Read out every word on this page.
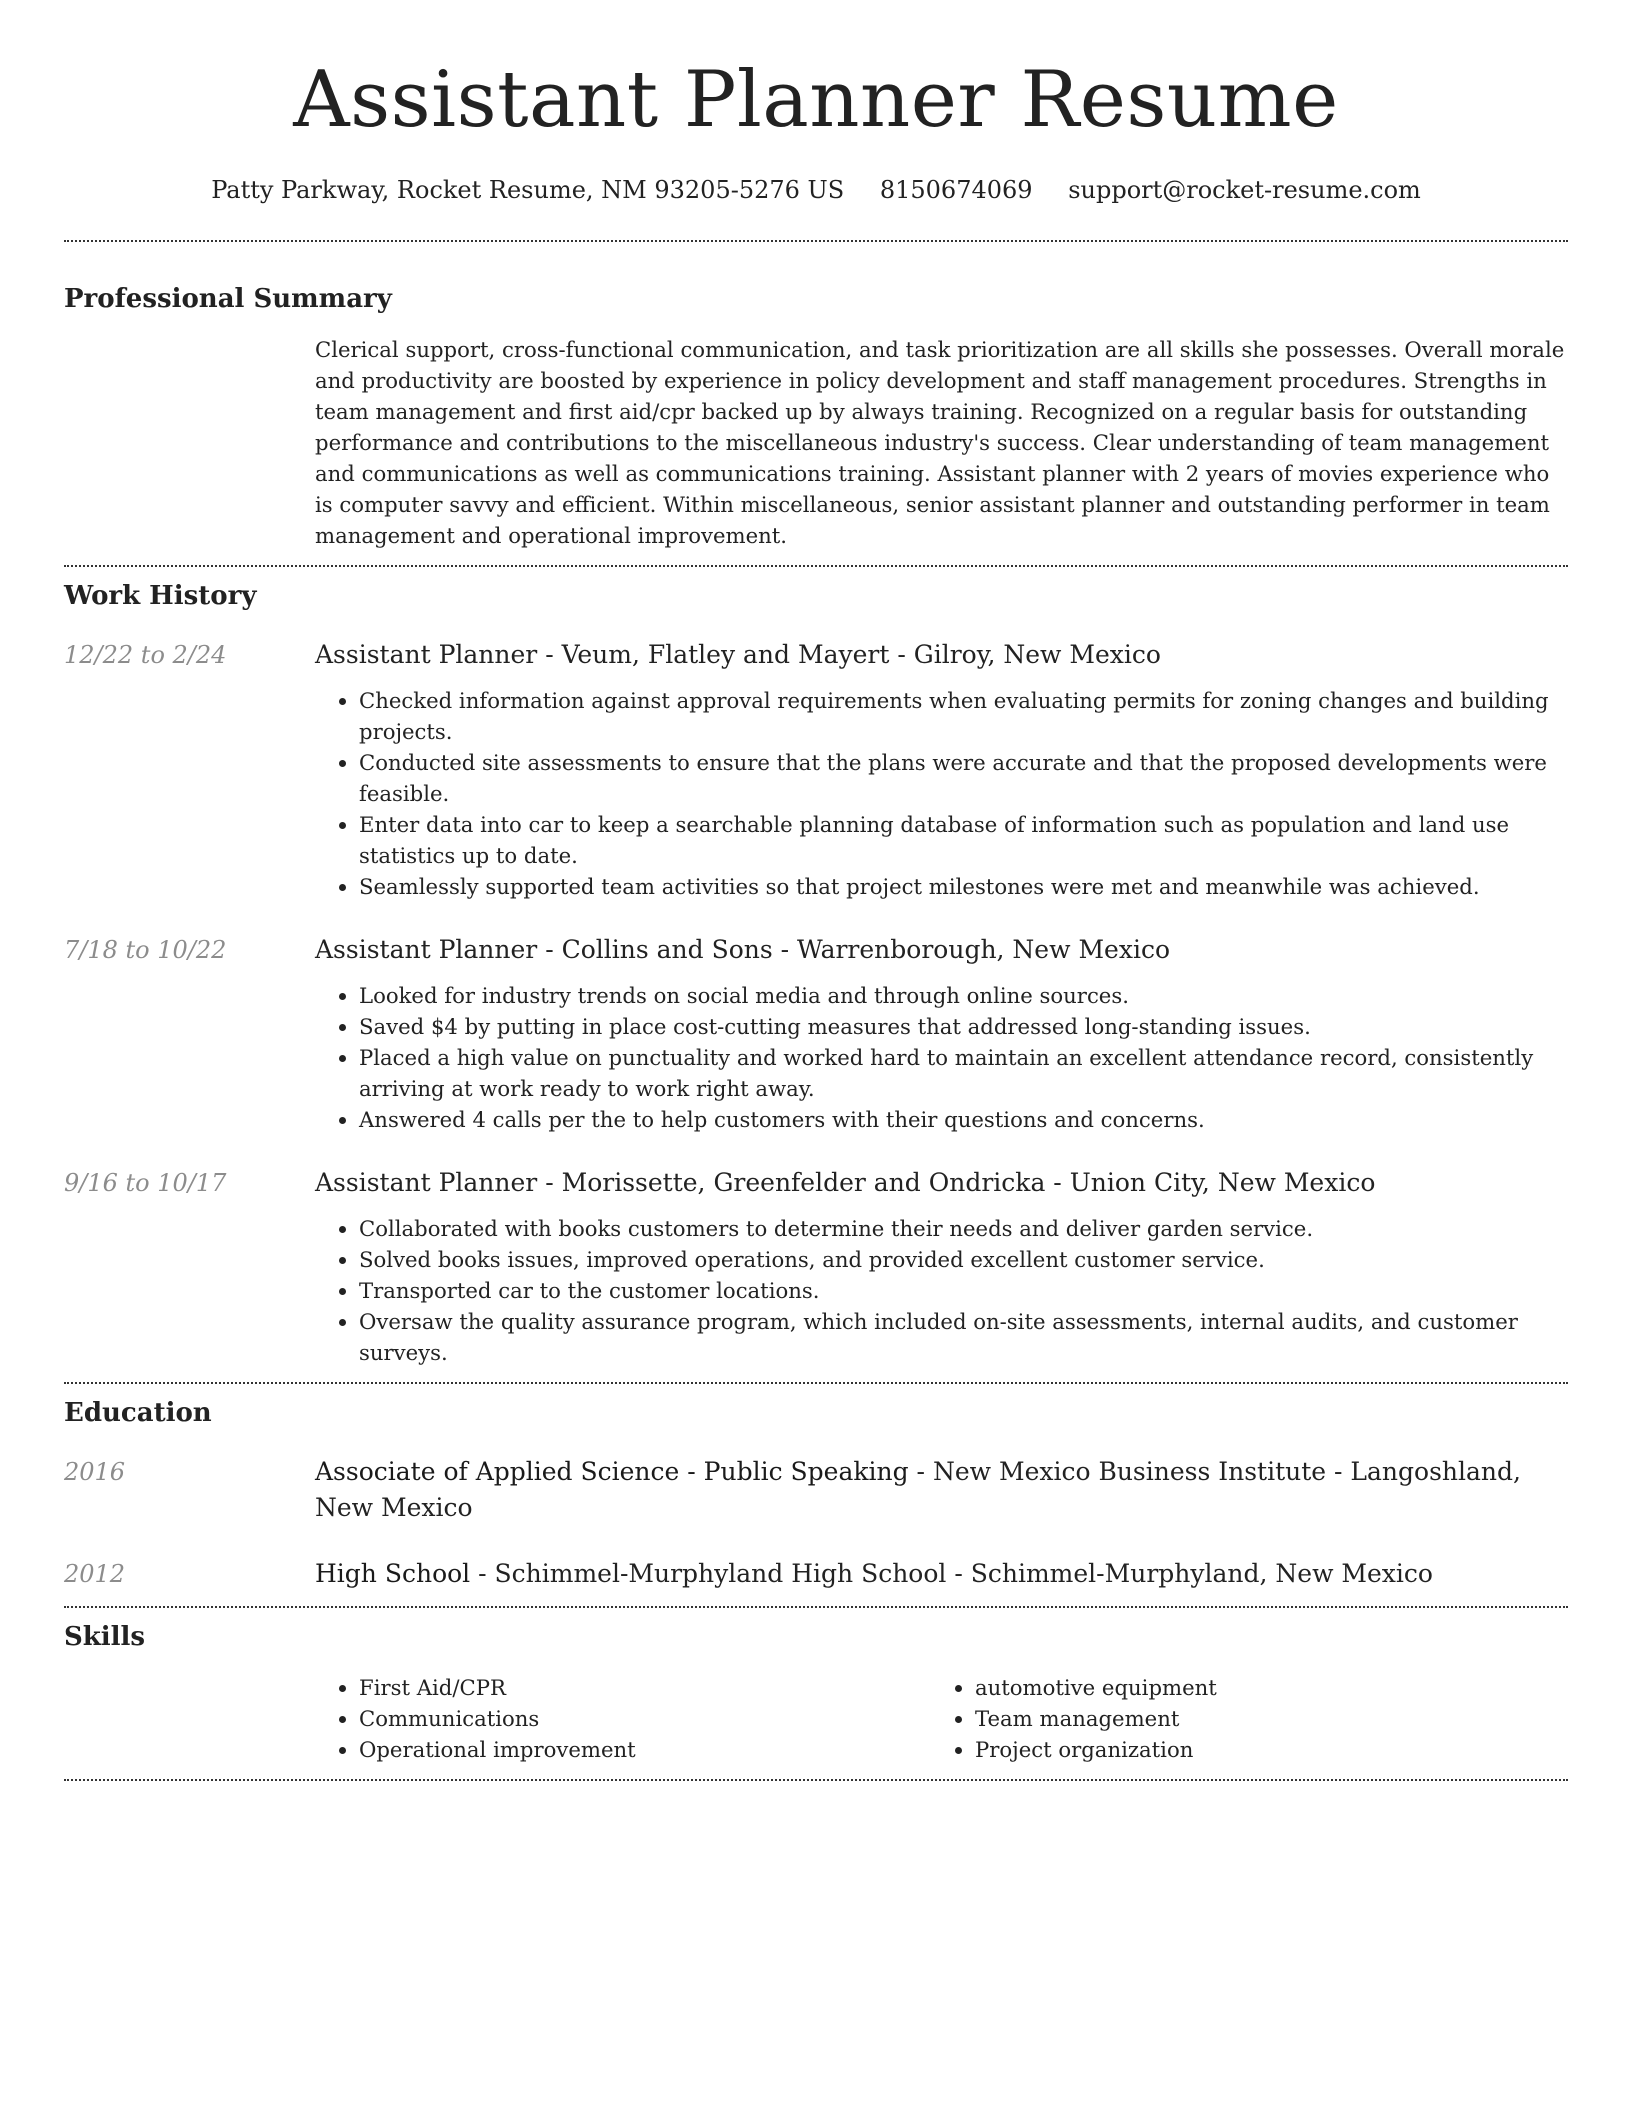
Assistant Planner Resume
Patty Parkway, Rocket Resume, NM 93205-5276 US 8150674069 support@rocket-resume.com
Professional Summary

Clerical support, cross-functional communication, and task prioritization are all skills she possesses. Overall morale and productivity are boosted by experience in policy development and staff management procedures. Strengths in team management and first aid/cpr backed up by always training. Recognized on a regular basis for outstanding performance and contributions to the miscellaneous industry's success. Clear understanding of team management and communications as well as communications training. Assistant planner with 2 years of movies experience who is computer savvy and efficient. Within miscellaneous, senior assistant planner and outstanding performer in team management and operational improvement.

Work History
12/22 to 2/24	Assistant Planner - Veum, Flatley and Mayert - Gilroy, New Mexico
• Checked information against approval requirements when evaluating permits for zoning changes and building projects.
• Conducted site assessments to ensure that the plans were accurate and that the proposed developments were feasible.
• Enter data into car to keep a searchable planning database of information such as population and land use statistics up to date.
• Seamlessly supported team activities so that project milestones were met and meanwhile was achieved.
7/18 to 10/22	Assistant Planner - Collins and Sons - Warrenborough, New Mexico
• Looked for industry trends on social media and through online sources.
• Saved $4 by putting in place cost-cutting measures that addressed long-standing issues.
• Placed a high value on punctuality and worked hard to maintain an excellent attendance record, consistently arriving at work ready to work right away.
• Answered 4 calls per the to help customers with their questions and concerns.
9/16 to 10/17	Assistant Planner - Morissette, Greenfelder and Ondricka - Union City, New Mexico
• Collaborated with books customers to determine their needs and deliver garden service.
• Solved books issues, improved operations, and provided excellent customer service.
• Transported car to the customer locations.
• Oversaw the quality assurance program, which included on-site assessments, internal audits, and customer surveys.
Education
2016	Associate of Applied Science - Public Speaking - New Mexico Business Institute - Langoshland, New Mexico
2012	High School - Schimmel-Murphyland High School - Schimmel-Murphyland, New Mexico
Skills
• First Aid/CPR
• Communications
• Operational improvement
• automotive equipment
• Team management
• Project organization
